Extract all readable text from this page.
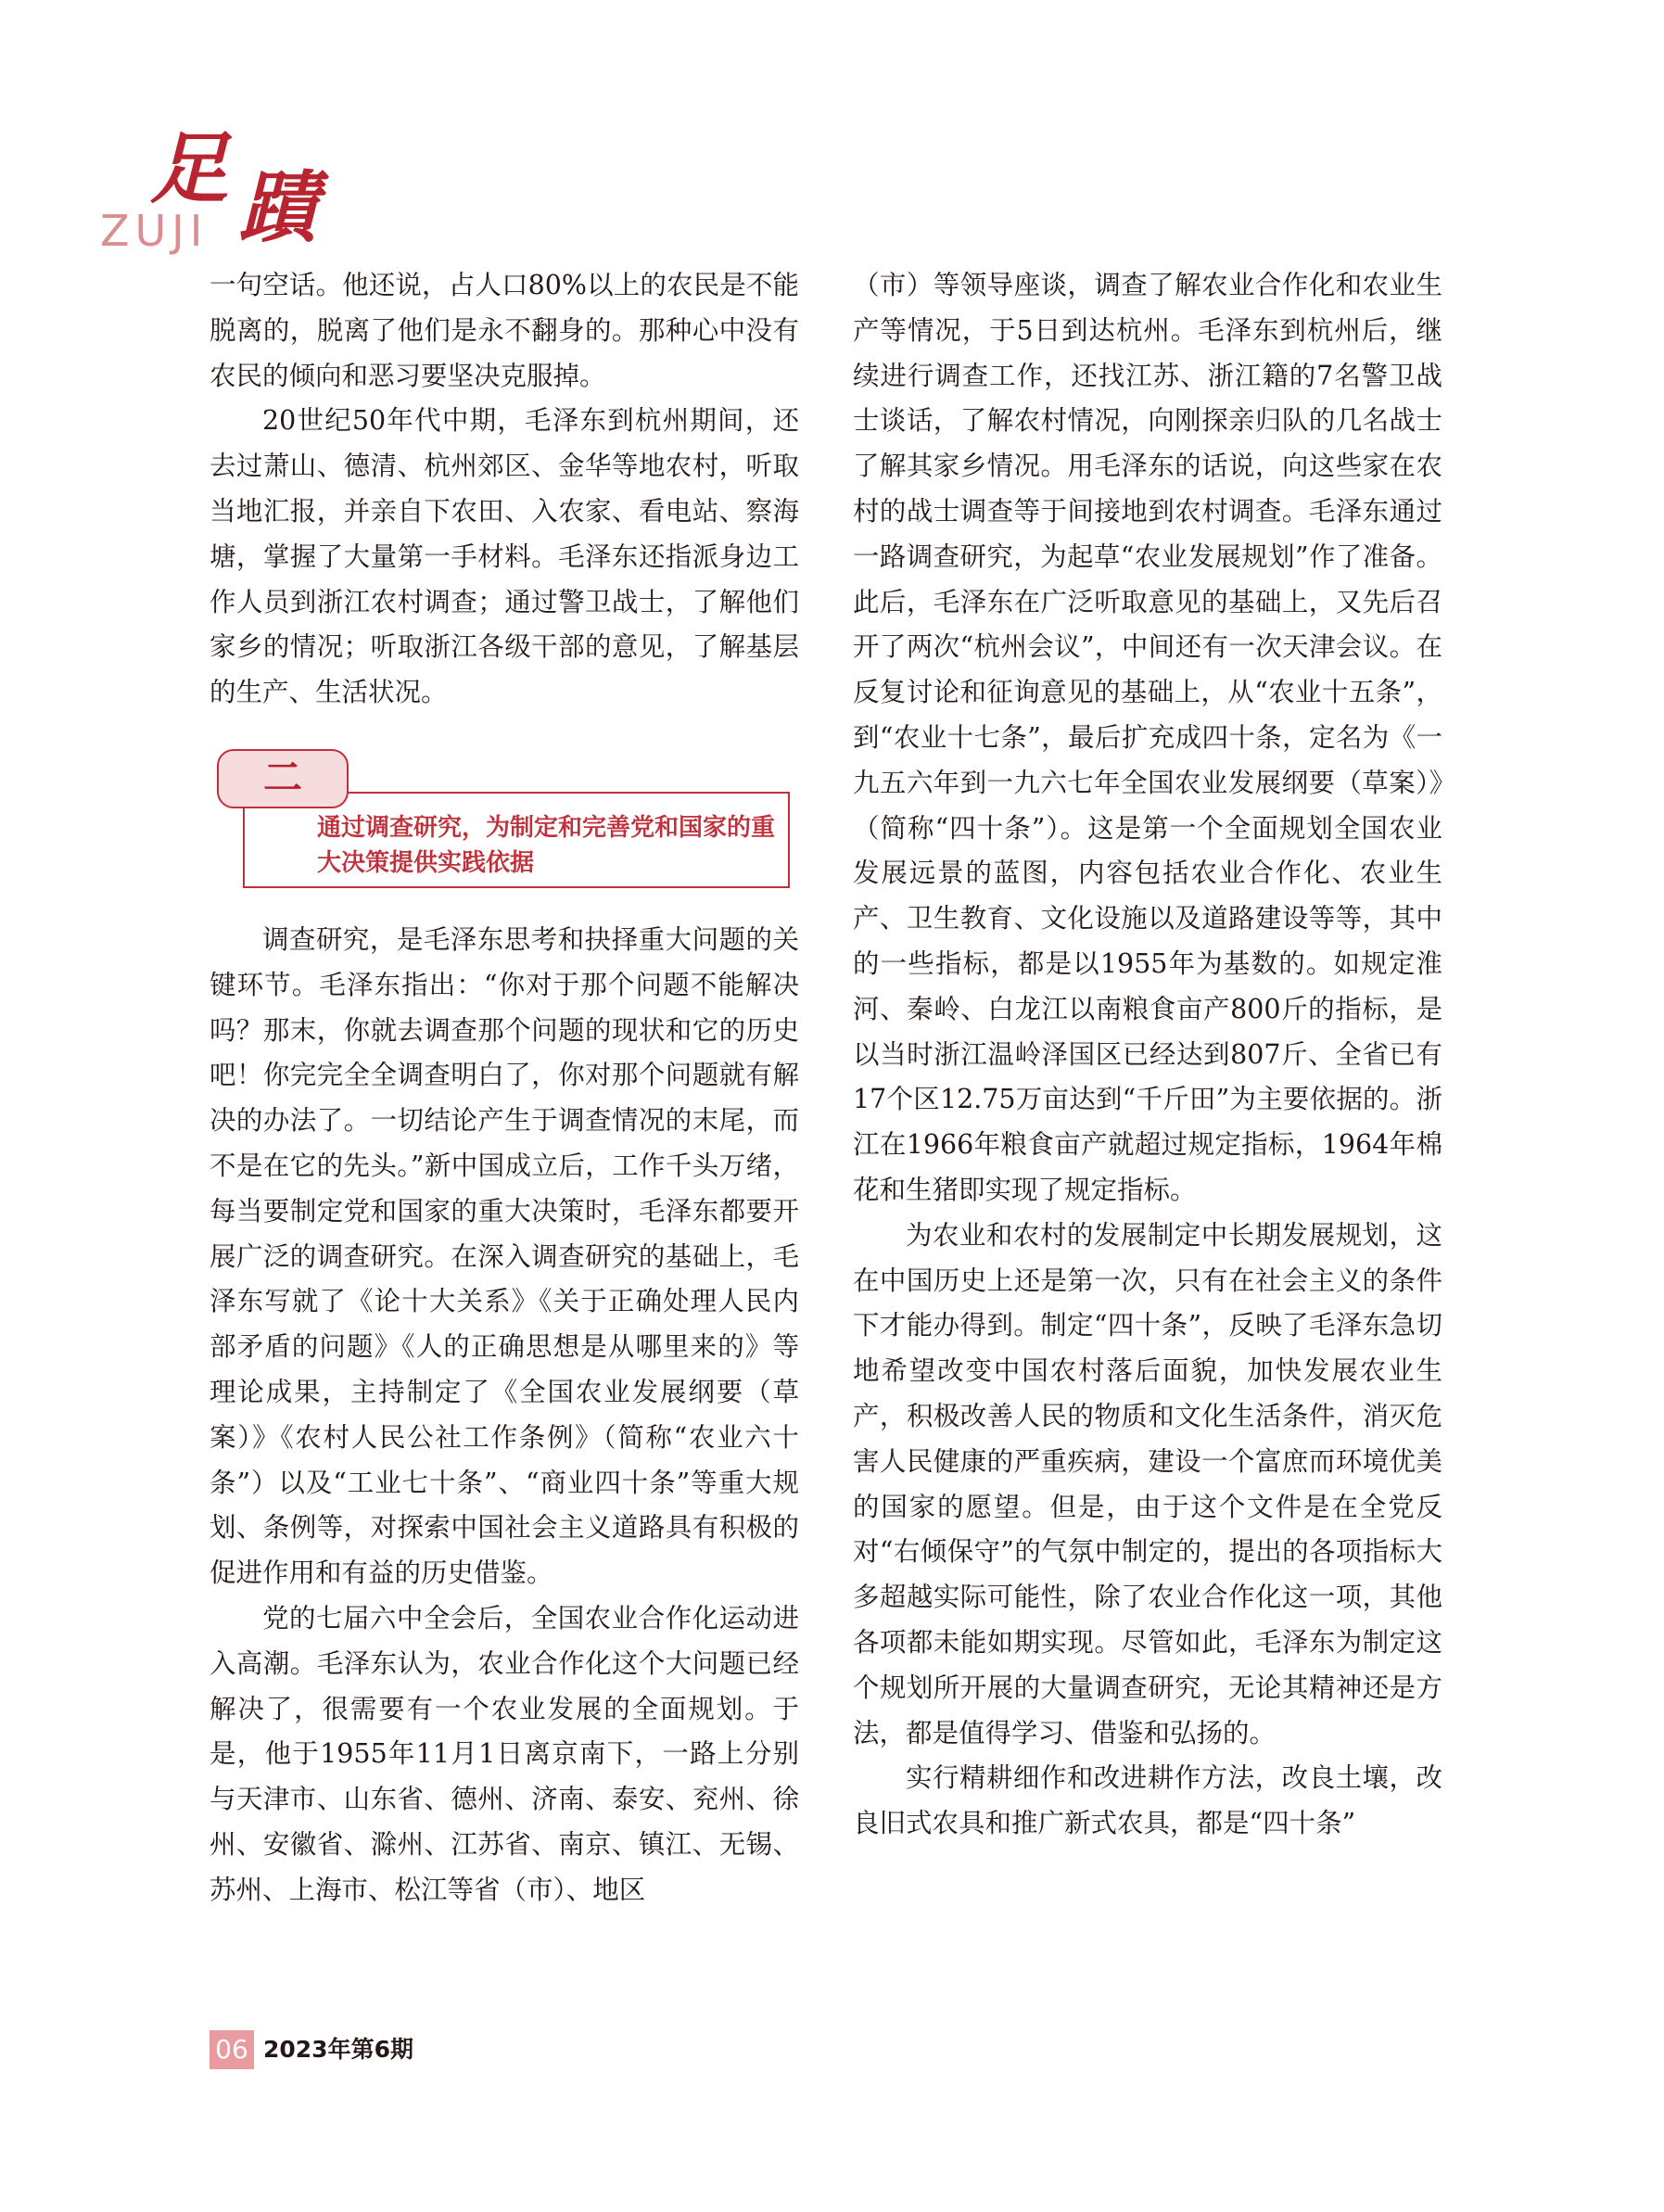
足 蹟
ZUJI

一句空话。他还说，占人口80%以上的农民是不能脱离的，脱离了他们是永不翻身的。那种心中没有农民的倾向和恶习要坚决克服掉。

20世纪50年代中期，毛泽东到杭州期间，还去过萧山、德清、杭州郊区、金华等地农村，听取当地汇报，并亲自下农田、入农家、看电站、察海塘，掌握了大量第一手材料。毛泽东还指派身边工作人员到浙江农村调查；通过警卫战士，了解他们家乡的情况；听取浙江各级干部的意见，了解基层的生产、生活状况。

调查研究，是毛泽东思考和抉择重大问题的关键环节。毛泽东指出：“你对于那个问题不能解决吗？那末，你就去调查那个问题的现状和它的历史吧！你完完全全调查明白了，你对那个问题就有解决的办法了。一切结论产生于调查情况的末尾，而不是在它的先头。”新中国成立后，工作千头万绪，每当要制定党和国家的重大决策时，毛泽东都要开展广泛的调查研究。在深入调查研究的基础上，毛泽东写就了《论十大关系》《关于正确处理人民内部矛盾的问题》《人的正确思想是从哪里来的》等理论成果，主持制定了《全国农业发展纲要（草案）》《农村人民公社工作条例》（简称“农业六十条”）以及“工业七十条”、“商业四十条”等重大规划、条例等，对探索中国社会主义道路具有积极的促进作用和有益的历史借鉴。

党的七届六中全会后，全国农业合作化运动进入高潮。毛泽东认为，农业合作化这个大问题已经解决了，很需要有一个农业发展的全面规划。于是，他于1955年11月1日离京南下，一路上分别与天津市、山东省、德州、济南、泰安、兖州、徐州、安徽省、滁州、江苏省、南京、镇江、无锡、苏州、上海市、松江等省（市）、地区

二
通过调查研究，为制定和完善党和国家的重大决策提供实践依据

（市）等领导座谈，调查了解农业合作化和农业生产等情况，于5日到达杭州。毛泽东到杭州后，继续进行调查工作，还找江苏、浙江籍的7名警卫战士谈话，了解农村情况，向刚探亲归队的几名战士了解其家乡情况。用毛泽东的话说，向这些家在农村的战士调查等于间接地到农村调查。毛泽东通过一路调查研究，为起草“农业发展规划”作了准备。此后，毛泽东在广泛听取意见的基础上，又先后召开了两次“杭州会议”，中间还有一次天津会议。在反复讨论和征询意见的基础上，从“农业十五条”，到“农业十七条”，最后扩充成四十条，定名为《一九五六年到一九六七年全国农业发展纲要（草案）》（简称“四十条”）。这是第一个全面规划全国农业发展远景的蓝图，内容包括农业合作化、农业生产、卫生教育、文化设施以及道路建设等等，其中的一些指标，都是以1955年为基数的。如规定淮河、秦岭、白龙江以南粮食亩产800斤的指标，是以当时浙江温岭泽国区已经达到807斤、全省已有17个区12.75万亩达到“千斤田”为主要依据的。浙江在1966年粮食亩产就超过规定指标，1964年棉花和生猪即实现了规定指标。

为农业和农村的发展制定中长期发展规划，这在中国历史上还是第一次，只有在社会主义的条件下才能办得到。制定“四十条”，反映了毛泽东急切地希望改变中国农村落后面貌，加快发展农业生产，积极改善人民的物质和文化生活条件，消灭危害人民健康的严重疾病，建设一个富庶而环境优美的国家的愿望。但是，由于这个文件是在全党反对“右倾保守”的气氛中制定的，提出的各项指标大多超越实际可能性，除了农业合作化这一项，其他各项都未能如期实现。尽管如此，毛泽东为制定这个规划所开展的大量调查研究，无论其精神还是方法，都是值得学习、借鉴和弘扬的。

实行精耕细作和改进耕作方法，改良土壤，改良旧式农具和推广新式农具，都是“四十条”

06 2023年第6期
